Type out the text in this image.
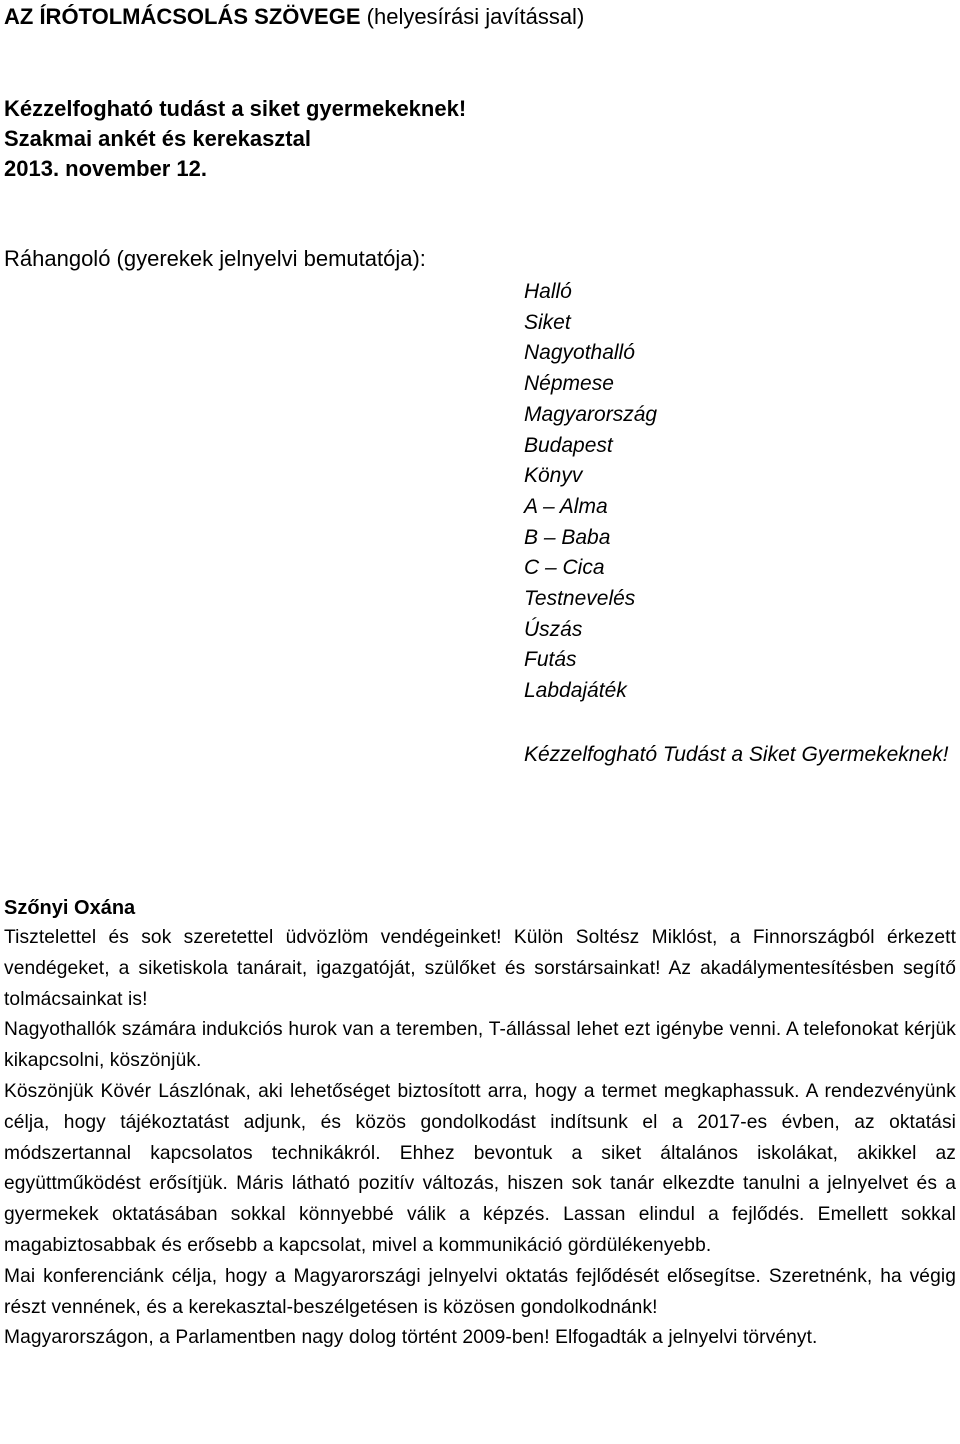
AZ ÍRÓTOLMÁCSOLÁS SZÖVEGE (helyesírási javítással)
Kézzelfogható tudást a siket gyermekeknek!
Szakmai ankét és kerekasztal
2013. november 12.
Ráhangoló (gyerekek jelnyelvi bemutatója):
Halló
Siket
Nagyothalló
Népmese
Magyarország
Budapest
Könyv
A – Alma
B – Baba
C – Cica
Testnevelés
Úszás
Futás
Labdajáték
Kézzelfogható Tudást a Siket Gyermekeknek!
Szőnyi Oxána

Tisztelettel és sok szeretettel üdvözlöm vendégeinket! Külön Soltész Miklóst, a Finnországból érkezett vendégeket, a siketiskola tanárait, igazgatóját, szülőket és sorstársainkat! Az akadálymentesítésben segítő tolmácsainkat is!

Nagyothallók számára indukciós hurok van a teremben, T-állással lehet ezt igénybe venni. A telefonokat kérjük kikapcsolni, köszönjük.

Köszönjük Kövér Lászlónak, aki lehetőséget biztosított arra, hogy a termet megkaphassuk. A rendezvényünk célja, hogy tájékoztatást adjunk, és közös gondolkodást indítsunk el a 2017-es évben, az oktatási módszertannal kapcsolatos technikákról. Ehhez bevontuk a siket általános iskolákat, akikkel az együttműködést erősítjük. Máris látható pozitív változás, hiszen sok tanár elkezdte tanulni a jelnyelvet és a gyermekek oktatásában sokkal könnyebbé válik a képzés. Lassan elindul a fejlődés. Emellett sokkal magabiztosabbak és erősebb a kapcsolat, mivel a kommunikáció gördülékenyebb.

Mai konferenciánk célja, hogy a Magyarországi jelnyelvi oktatás fejlődését elősegítse. Szeretnénk, ha végig részt vennének, és a kerekasztal-beszélgetésen is közösen gondolkodnánk!

Magyarországon, a Parlamentben nagy dolog történt 2009-ben! Elfogadták a jelnyelvi törvényt.
